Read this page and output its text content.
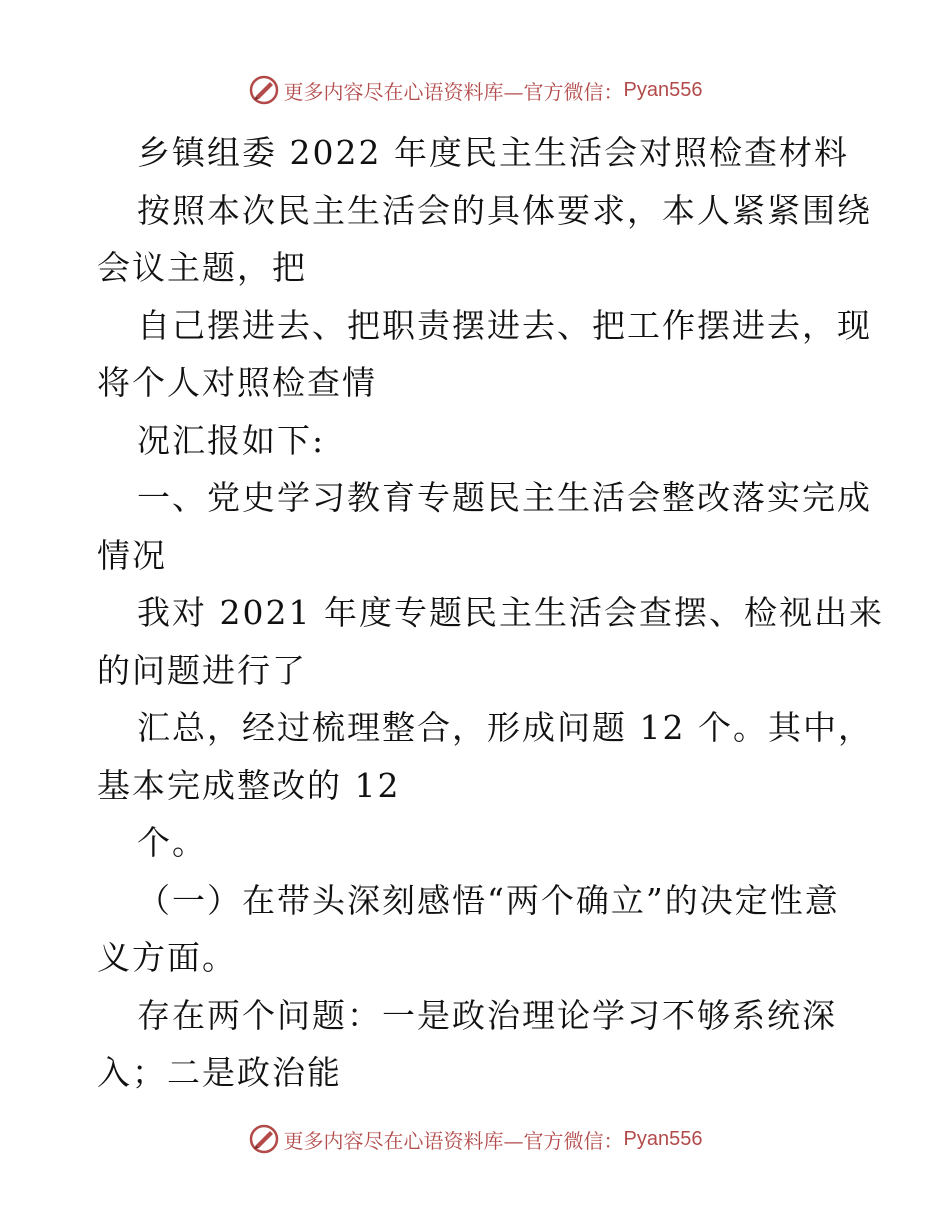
更多内容尽在心语资料库—官方微信： Pyan556
乡镇组委 2022 年度民主生活会对照检查材料
按照本次民主生活会的具体要求，本人紧紧围绕
会议主题，把
自己摆进去、把职责摆进去、把工作摆进去，现
将个人对照检查情
况汇报如下:
一、党史学习教育专题民主生活会整改落实完成
情况
我对 2021 年度专题民主生活会查摆、检视出来
的问题进行了
汇总，经过梳理整合，形成问题 12 个。其中，
基本完成整改的 12
个。
（一）在带头深刻感悟“两个确立”的决定性意
义方面。
存在两个问题：一是政治理论学习不够系统深
入；二是政治能
更多内容尽在心语资料库—官方微信： Pyan556
